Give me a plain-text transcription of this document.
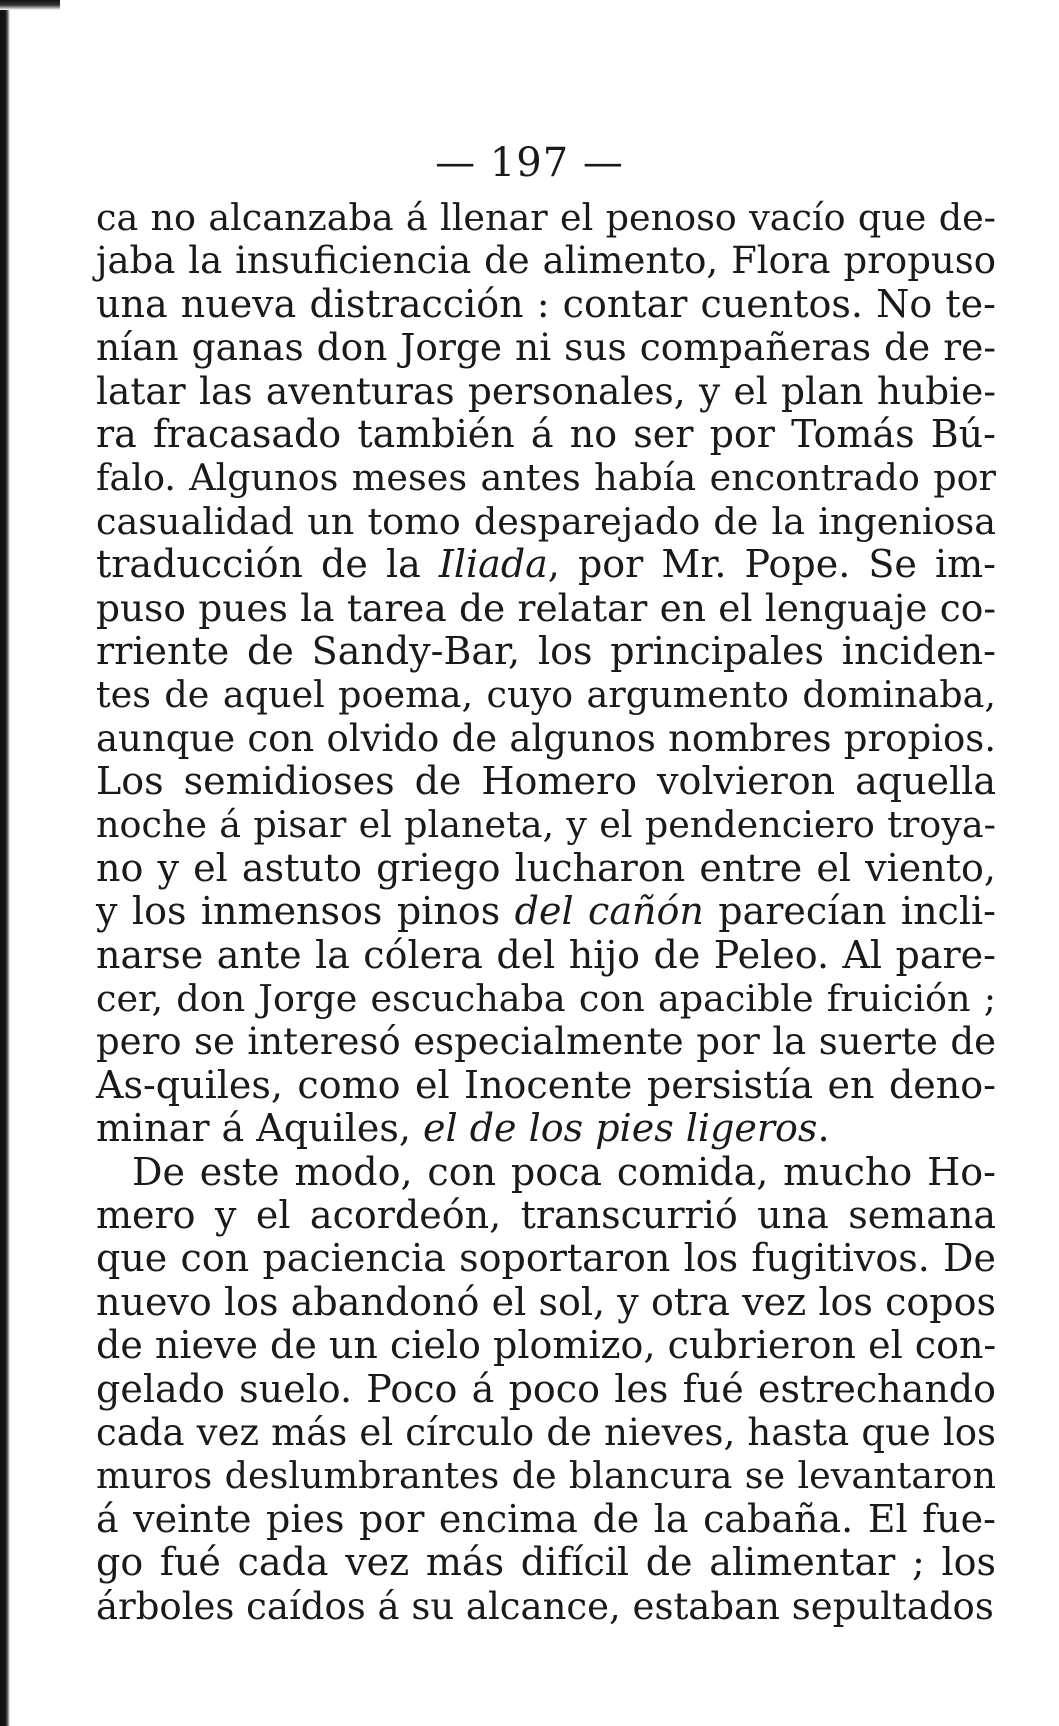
— 197 —
ca no alcanzaba á llenar el penoso vacío que de-
jaba la insuficiencia de alimento, Flora propuso
una nueva distracción : contar cuentos. No te-
nían ganas don Jorge ni sus compañeras de re-
latar las aventuras personales, y el plan hubie-
ra fracasado también á no ser por Tomás Bú-
falo. Algunos meses antes había encontrado por
casualidad un tomo desparejado de la ingeniosa
traducción de la Iliada, por Mr. Pope. Se im-
puso pues la tarea de relatar en el lenguaje co-
rriente de Sandy-Bar, los principales inciden-
tes de aquel poema, cuyo argumento dominaba,
aunque con olvido de algunos nombres propios.
Los semidioses de Homero volvieron aquella
noche á pisar el planeta, y el pendenciero troya-
no y el astuto griego lucharon entre el viento,
y los inmensos pinos del cañón parecían incli-
narse ante la cólera del hijo de Peleo. Al pare-
cer, don Jorge escuchaba con apacible fruición ;
pero se interesó especialmente por la suerte de
As-quiles, como el Inocente persistía en deno-
minar á Aquiles, el de los pies ligeros.
De este modo, con poca comida, mucho Ho-
mero y el acordeón, transcurrió una semana
que con paciencia soportaron los fugitivos. De
nuevo los abandonó el sol, y otra vez los copos
de nieve de un cielo plomizo, cubrieron el con-
gelado suelo. Poco á poco les fué estrechando
cada vez más el círculo de nieves, hasta que los
muros deslumbrantes de blancura se levantaron
á veinte pies por encima de la cabaña. El fue-
go fué cada vez más difícil de alimentar ; los
árboles caídos á su alcance, estaban sepultados
